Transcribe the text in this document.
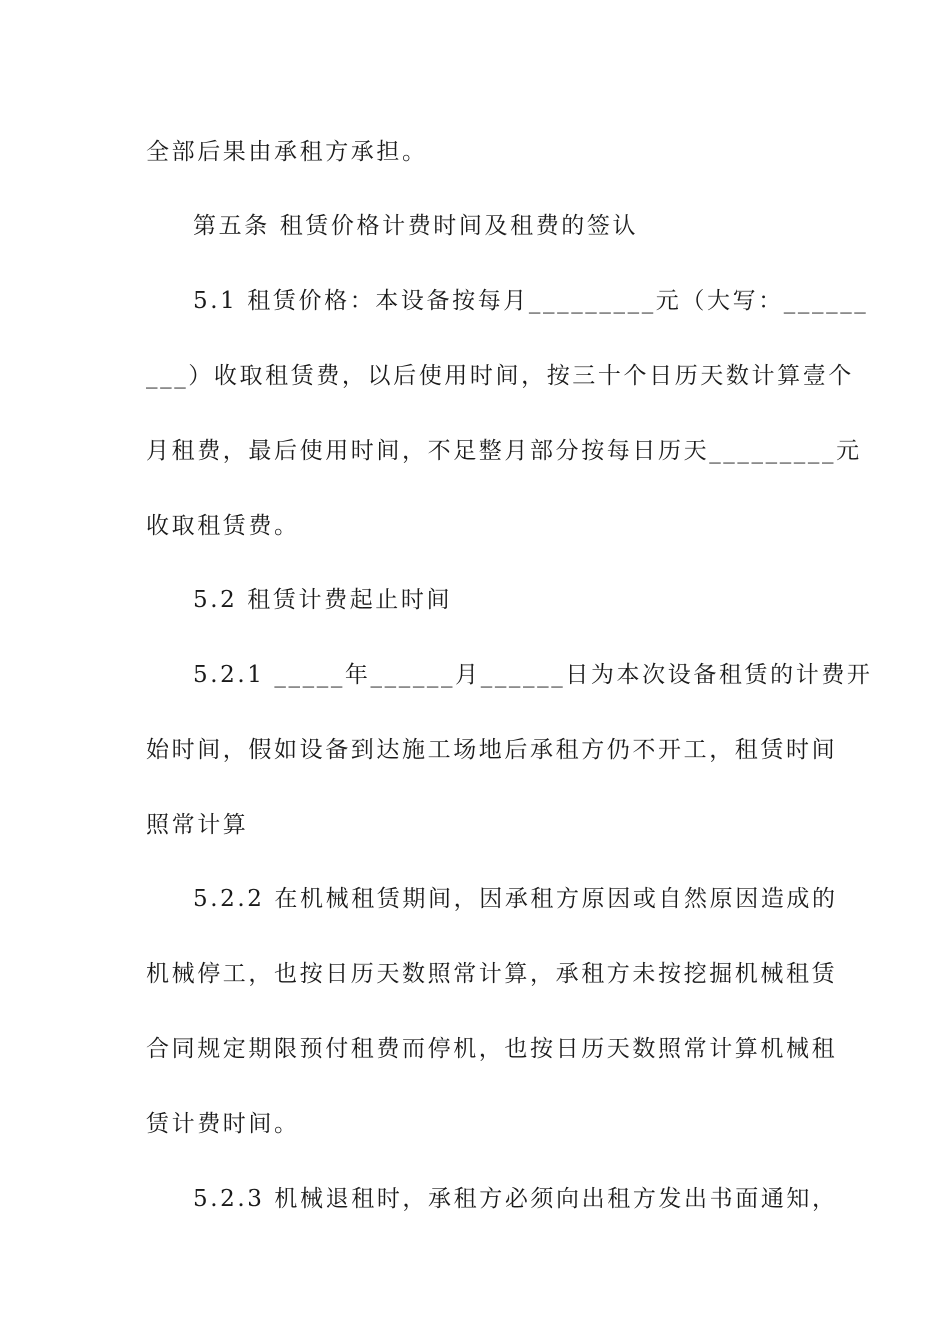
全部后果由承租方承担。
第五条 租赁价格计费时间及租费的签认
5.1 租赁价格：本设备按每月_________元（大写：______
___）收取租赁费，以后使用时间，按三十个日历天数计算壹个
月租费，最后使用时间，不足整月部分按每日历天_________元
收取租赁费。
5.2 租赁计费起止时间
5.2.1 _____年______月______日为本次设备租赁的计费开
始时间，假如设备到达施工场地后承租方仍不开工，租赁时间
照常计算
5.2.2 在机械租赁期间，因承租方原因或自然原因造成的
机械停工，也按日历天数照常计算，承租方未按挖掘机械租赁
合同规定期限预付租费而停机，也按日历天数照常计算机械租
赁计费时间。
5.2.3 机械退租时，承租方必须向出租方发出书面通知，
